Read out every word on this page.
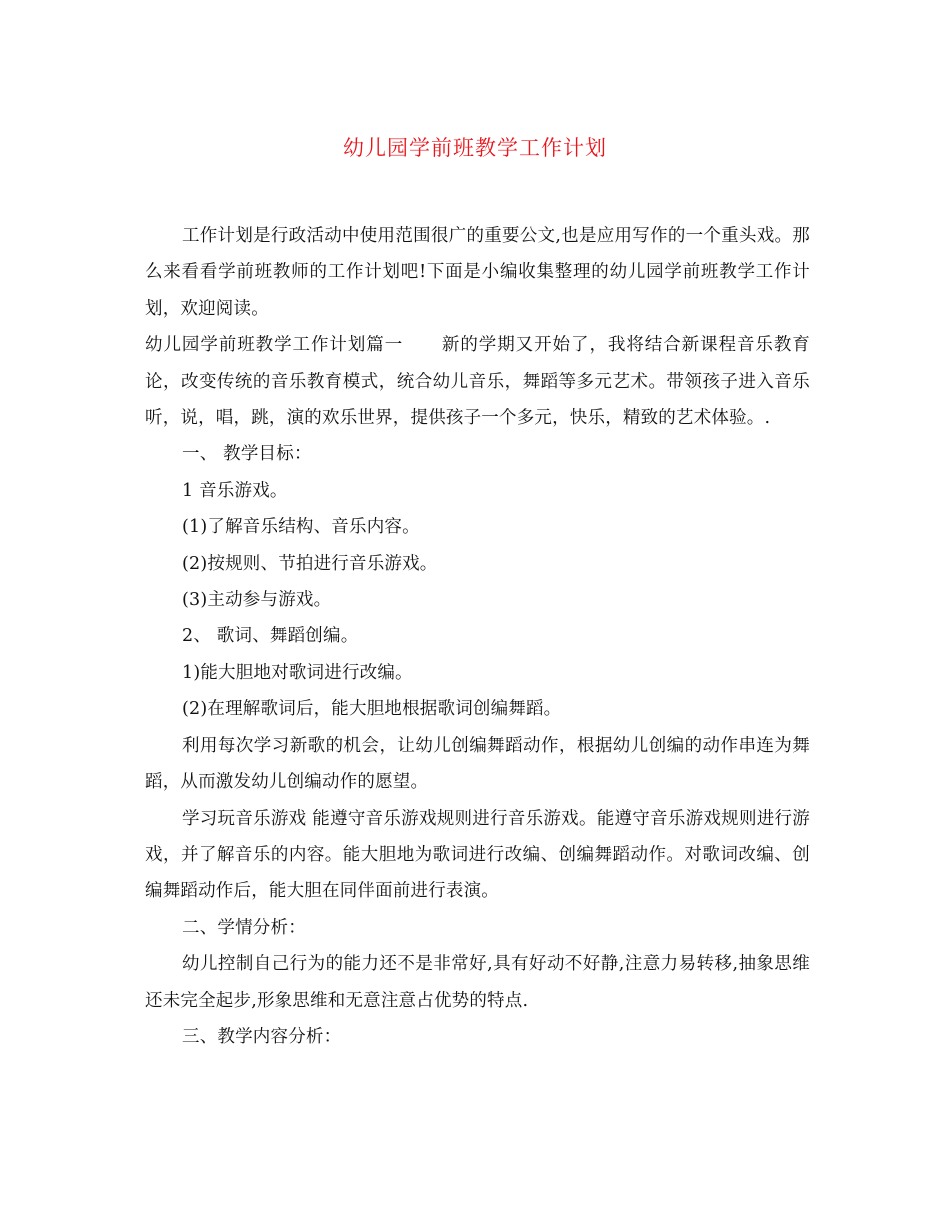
幼儿园学前班教学工作计划

工作计划是行政活动中使用范围很广的重要公文,也是应用写作的一个重头戏。那么来看看学前班教师的工作计划吧!下面是小编收集整理的幼儿园学前班教学工作计划，欢迎阅读。

幼儿园学前班教学工作计划篇一 新的学期又开始了，我将结合新课程音乐教育论，改变传统的音乐教育模式，统合幼儿音乐，舞蹈等多元艺术。带领孩子进入音乐听，说，唱，跳，演的欢乐世界，提供孩子一个多元，快乐，精致的艺术体验。.

一、 教学目标：

1 音乐游戏。

(1)了解音乐结构、音乐内容。

(2)按规则、节拍进行音乐游戏。

(3)主动参与游戏。

2、 歌词、舞蹈创编。

1)能大胆地对歌词进行改编。

(2)在理解歌词后，能大胆地根据歌词创编舞蹈。

利用每次学习新歌的机会，让幼儿创编舞蹈动作，根据幼儿创编的动作串连为舞蹈，从而激发幼儿创编动作的愿望。

学习玩音乐游戏 能遵守音乐游戏规则进行音乐游戏。能遵守音乐游戏规则进行游戏，并了解音乐的内容。能大胆地为歌词进行改编、创编舞蹈动作。对歌词改编、创编舞蹈动作后，能大胆在同伴面前进行表演。

二、学情分析：

幼儿控制自己行为的能力还不是非常好,具有好动不好静,注意力易转移,抽象思维还未完全起步,形象思维和无意注意占优势的特点.

三、教学内容分析：
